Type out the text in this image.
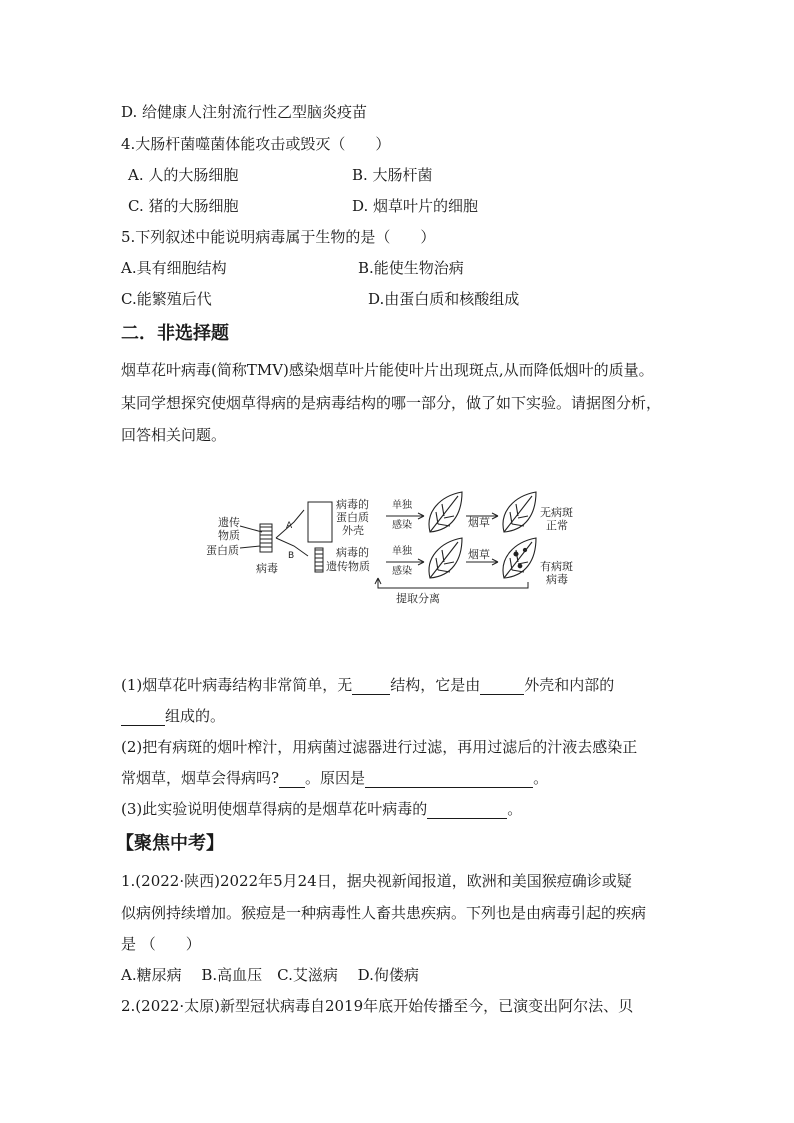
D. 给健康人注射流行性乙型脑炎疫苗
4.大肠杆菌噬菌体能攻击或毁灭（　　）
A. 人的大肠细胞	B. 大肠杆菌
C. 猪的大肠细胞	D. 烟草叶片的细胞
5.下列叙述中能说明病毒属于生物的是（　　）
A.具有细胞结构	B.能使生物治病
C.能繁殖后代	D.由蛋白质和核酸组成
二．非选择题
烟草花叶病毒(简称TMV)感染烟草叶片能使叶片出现斑点,从而降低烟叶的质量。
某同学想探究使烟草得病的是病毒结构的哪一部分，做了如下实验。请据图分析，
回答相关问题。
遗传
物质
蛋白质
病毒
A
B
病毒的
蛋白质
外壳
病毒的
遗传物质
单独
感染
单独
感染
烟草
烟草
无病斑
正常
有病斑
病毒
提取分离
(1)烟草花叶病毒结构非常简单，无	结构，它是由	外壳和内部的
组成的。
(2)把有病斑的烟叶榨汁，用病菌过滤器进行过滤，再用过滤后的汁液去感染正
常烟草，烟草会得病吗? 。原因是	。
(3)此实验说明使烟草得病的是烟草花叶病毒的	。
【聚焦中考】
1.(2022·陕西)2022年5月24日，据央视新闻报道，欧洲和美国猴痘确诊或疑
似病例持续增加。猴痘是一种病毒性人畜共患疾病。下列也是由病毒引起的疾病
是 （　　）
A.糖尿病　 B.高血压　C.艾滋病　 D.佝偻病
2.(2022·太原)新型冠状病毒自2019年底开始传播至今，已演变出阿尔法、贝
